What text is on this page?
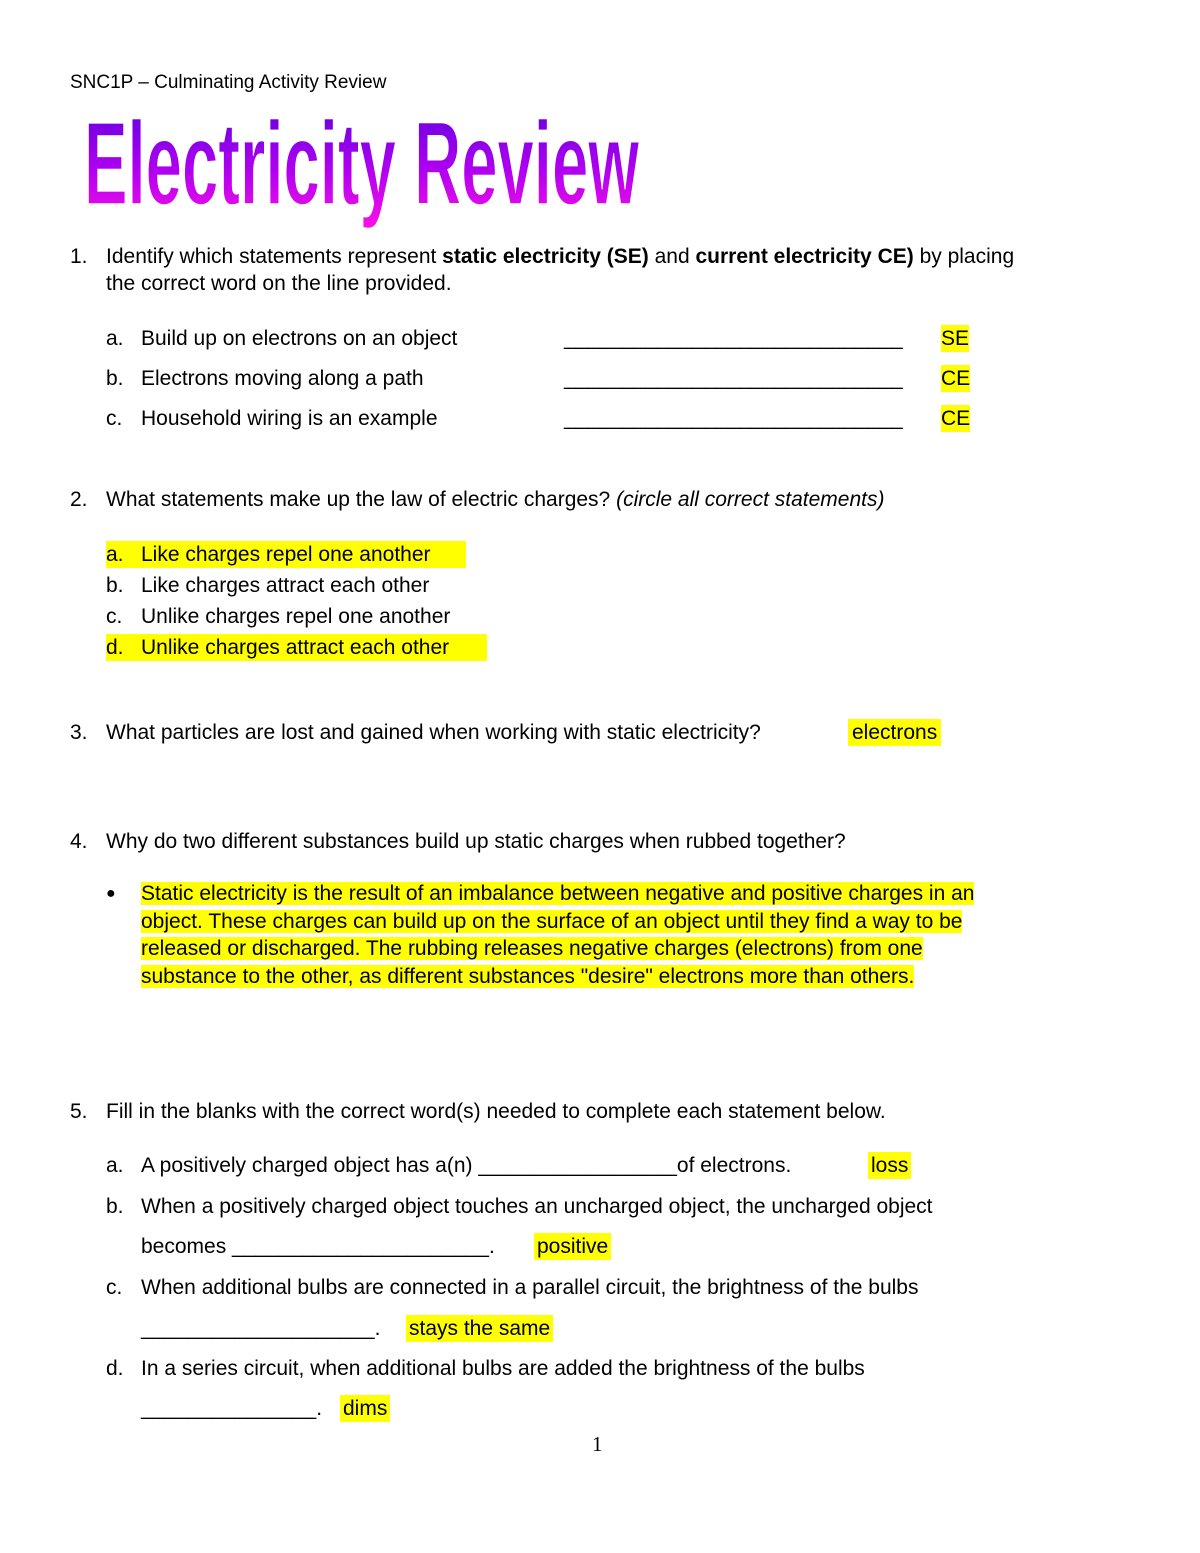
SNC1P – Culminating Activity Review
Electricity Review
1. Identify which statements represent static electricity (SE) and current electricity CE) by placing
the correct word on the line provided.
a. Build up on electrons on an object	_____________________________ SE
b. Electrons moving along a path	_____________________________ CE
c. Household wiring is an example	_____________________________ CE
2. What statements make up the law of electric charges? (circle all correct statements)
a. Like charges repel one another
b. Like charges attract each other
c. Unlike charges repel one another
d. Unlike charges attract each other
3. What particles are lost and gained when working with static electricity?	electrons
4. Why do two different substances build up static charges when rubbed together?
● Static electricity is the result of an imbalance between negative and positive charges in an
object. These charges can build up on the surface of an object until they find a way to be
released or discharged. The rubbing releases negative charges (electrons) from one
substance to the other, as different substances "desire" electrons more than others.
5. Fill in the blanks with the correct word(s) needed to complete each statement below.
a. A positively charged object has a(n) _________________of electrons.	loss
b. When a positively charged object touches an uncharged object, the uncharged object
becomes ______________________. positive
c. When additional bulbs are connected in a parallel circuit, the brightness of the bulbs
____________________. stays the same
d. In a series circuit, when additional bulbs are added the brightness of the bulbs
_______________. dims
1
